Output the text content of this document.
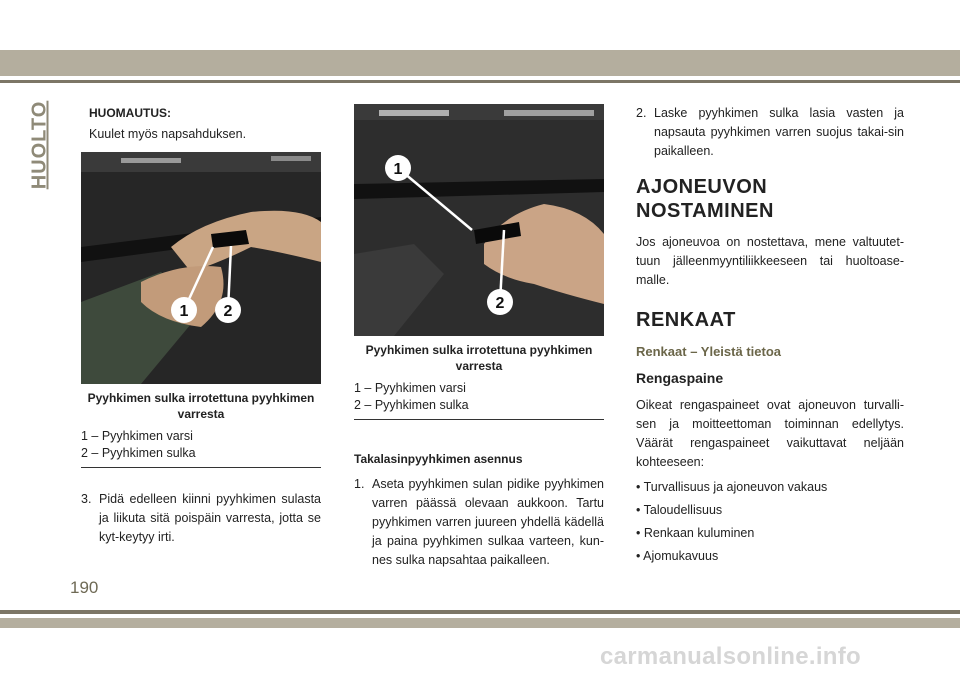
HUOLTO	HUOMAUTUS:
Kuulet myös napsahduksen.
1 2
Pyyhkimen sulka irrotettuna pyyhkimen varresta
1 – Pyyhkimen varsi
2 – Pyyhkimen sulka
3. Pidä edelleen kiinni pyyhkimen sulasta ja liikuta sitä poispäin varresta, jotta se kyt-keytyy irti.
1
2
Pyyhkimen sulka irrotettuna pyyhkimen varresta
1 – Pyyhkimen varsi
2 – Pyyhkimen sulka
Takalasinpyyhkimen asennus
1. Aseta pyyhkimen sulan pidike pyyhkimen varren päässä olevaan aukkoon. Tartu pyyhkimen varren juureen yhdellä kädellä ja paina pyyhkimen sulkaa varteen, kun-nes sulka napsahtaa paikalleen.
2. Laske pyyhkimen sulka lasia vasten ja napsauta pyyhkimen varren suojus takai-sin paikalleen.
AJONEUVON
NOSTAMINEN
Jos ajoneuvoa on nostettava, mene valtuutet-tuun jälleenmyyntiliikkeeseen tai huoltoase-malle.
RENKAAT
Renkaat – Yleistä tietoa
Rengaspaine
Oikeat rengaspaineet ovat ajoneuvon turvalli-sen ja moitteettoman toiminnan edellytys. Väärät rengaspaineet vaikuttavat neljään kohteeseen:
• Turvallisuus ja ajoneuvon vakaus
• Taloudellisuus
• Renkaan kuluminen
• Ajomukavuus
190
carmanualsonline.info
